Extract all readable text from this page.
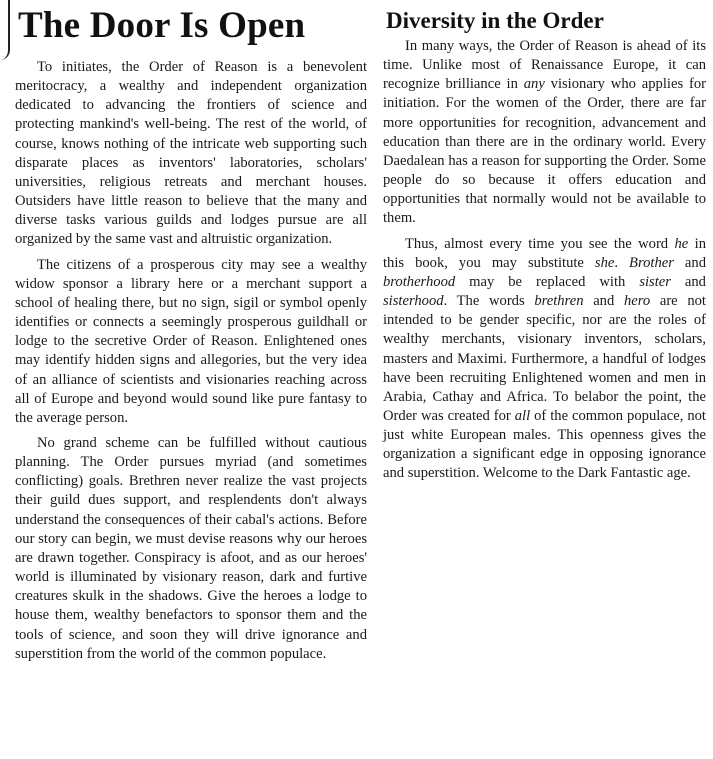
The Door Is Open

To initiates, the Order of Reason is a benevolent meritocracy, a wealthy and independent organization dedicated to advancing the frontiers of science and protecting mankind's well-being. The rest of the world, of course, knows nothing of the intricate web supporting such disparate places as inventors' laboratories, scholars' universities, religious retreats and merchant houses. Outsiders have little reason to believe that the many and diverse tasks various guilds and lodges pursue are all organized by the same vast and altruistic organization.

The citizens of a prosperous city may see a wealthy widow sponsor a library here or a merchant support a school of healing there, but no sign, sigil or symbol openly identifies or connects a seemingly prosperous guildhall or lodge to the secretive Order of Reason. Enlightened ones may identify hidden signs and allegories, but the very idea of an alliance of scientists and visionaries reaching across all of Europe and beyond would sound like pure fantasy to the average person.

No grand scheme can be fulfilled without cautious planning. The Order pursues myriad (and sometimes conflicting) goals. Brethren never realize the vast projects their guild dues support, and resplendents don't always understand the consequences of their cabal's actions. Before our story can begin, we must devise reasons why our heroes are drawn together. Conspiracy is afoot, and as our heroes' world is illuminated by visionary reason, dark and furtive creatures skulk in the shadows. Give the heroes a lodge to house them, wealthy benefactors to sponsor them and the tools of science, and soon they will drive ignorance and superstition from the world of the common populace.

Diversity in the Order

In many ways, the Order of Reason is ahead of its time. Unlike most of Renaissance Europe, it can recognize brilliance in any visionary who applies for initiation. For the women of the Order, there are far more opportunities for recognition, advancement and education than there are in the ordinary world. Every Daedalean has a reason for supporting the Order. Some people do so because it offers education and opportunities that normally would not be available to them.

Thus, almost every time you see the word he in this book, you may substitute she. Brother and brotherhood may be replaced with sister and sisterhood. The words brethren and hero are not intended to be gender specific, nor are the roles of wealthy merchants, visionary inventors, scholars, masters and Maximi. Furthermore, a handful of lodges have been recruiting Enlightened women and men in Arabia, Cathay and Africa. To belabor the point, the Order was created for all of the common populace, not just white European males. This openness gives the organization a significant edge in opposing ignorance and superstition. Welcome to the Dark Fantastic age.
